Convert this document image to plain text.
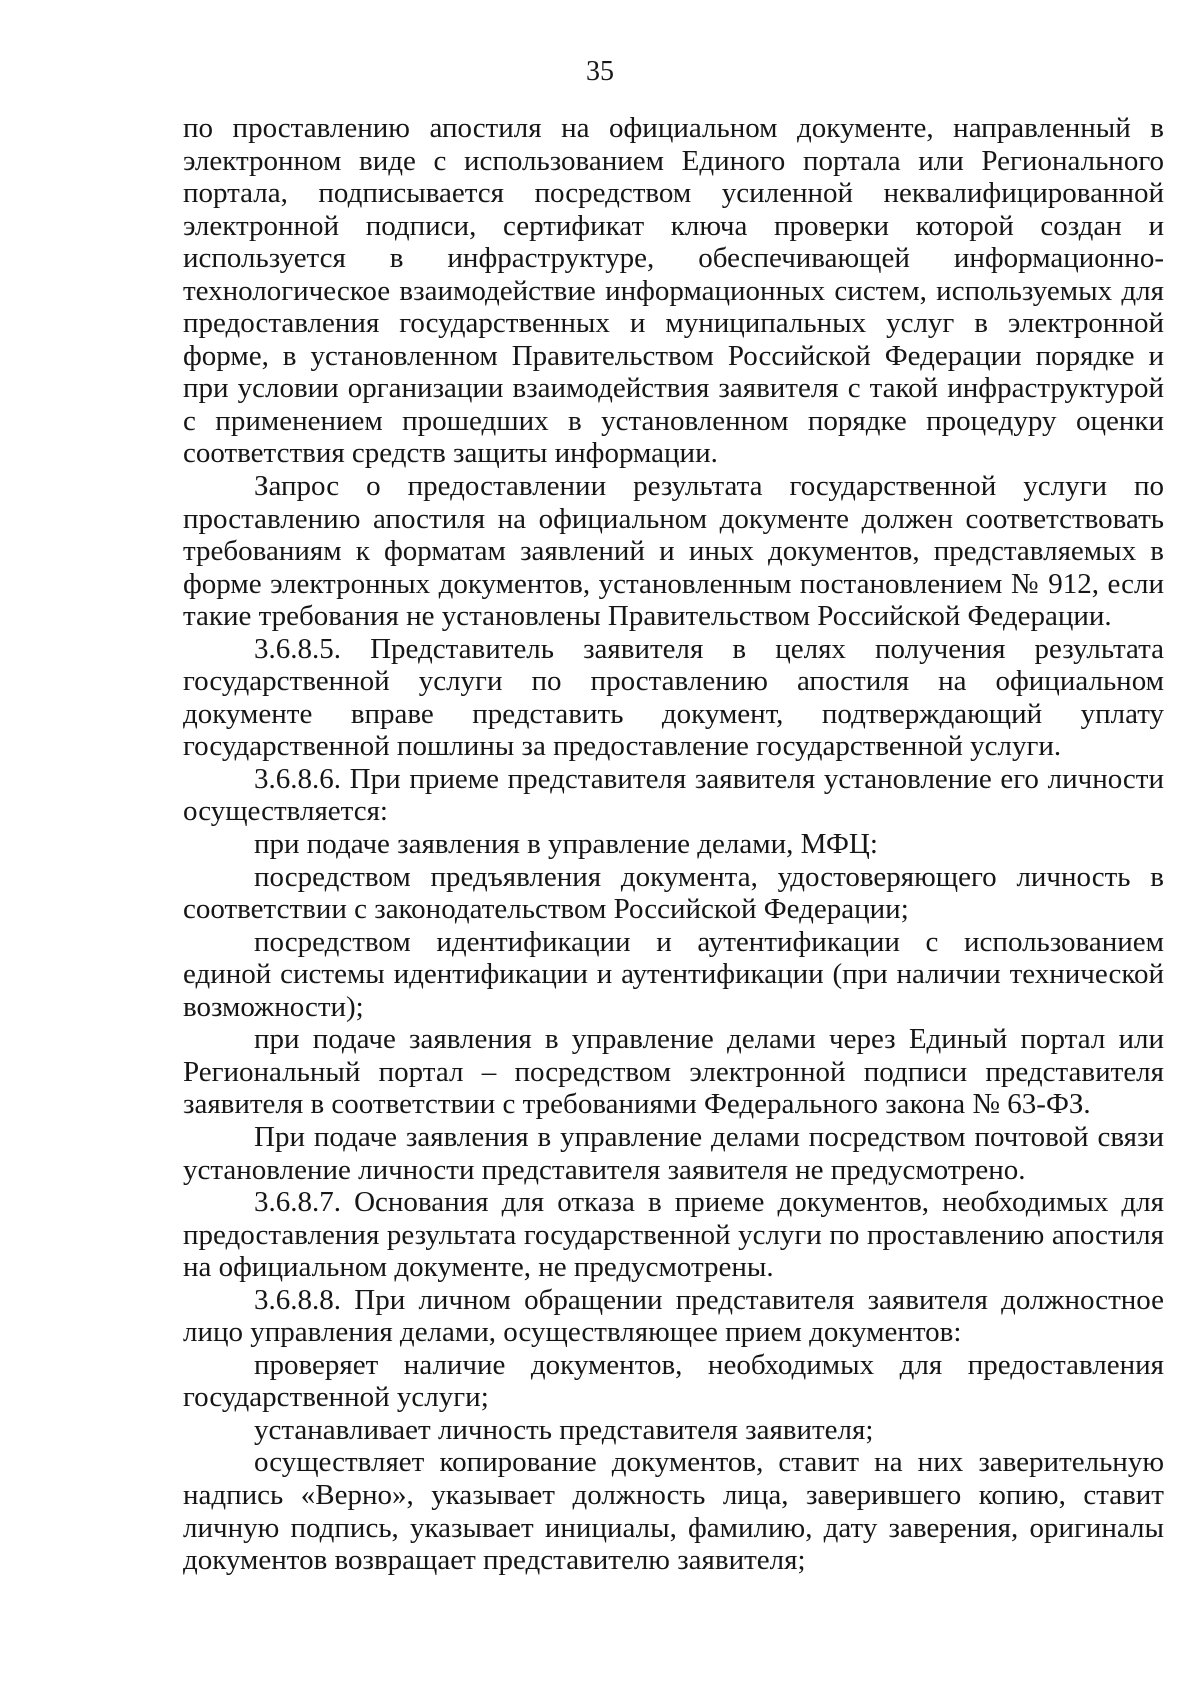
35

по проставлению апостиля на официальном документе, направленный в электронном виде с использованием Единого портала или Регионального портала, подписывается посредством усиленной неквалифицированной электронной подписи, сертификат ключа проверки которой создан и используется в инфраструктуре, обеспечивающей информационно-технологическое взаимодействие информационных систем, используемых для предоставления государственных и муниципальных услуг в электронной форме, в установленном Правительством Российской Федерации порядке и при условии организации взаимодействия заявителя с такой инфраструктурой с применением прошедших в установленном порядке процедуру оценки соответствия средств защиты информации.

Запрос о предоставлении результата государственной услуги по проставлению апостиля на официальном документе должен соответствовать требованиям к форматам заявлений и иных документов, представляемых в форме электронных документов, установленным постановлением № 912, если такие требования не установлены Правительством Российской Федерации.

3.6.8.5. Представитель заявителя в целях получения результата государственной услуги по проставлению апостиля на официальном документе вправе представить документ, подтверждающий уплату государственной пошлины за предоставление государственной услуги.

3.6.8.6. При приеме представителя заявителя установление его личности осуществляется:

при подаче заявления в управление делами, МФЦ:

посредством предъявления документа, удостоверяющего личность в соответствии с законодательством Российской Федерации;

посредством идентификации и аутентификации с использованием единой системы идентификации и аутентификации (при наличии технической возможности);

при подаче заявления в управление делами через Единый портал или Региональный портал – посредством электронной подписи представителя заявителя в соответствии с требованиями Федерального закона № 63-ФЗ.

При подаче заявления в управление делами посредством почтовой связи установление личности представителя заявителя не предусмотрено.

3.6.8.7. Основания для отказа в приеме документов, необходимых для предоставления результата государственной услуги по проставлению апостиля на официальном документе, не предусмотрены.

3.6.8.8. При личном обращении представителя заявителя должностное лицо управления делами, осуществляющее прием документов:

проверяет наличие документов, необходимых для предоставления государственной услуги;

устанавливает личность представителя заявителя;

осуществляет копирование документов, ставит на них заверительную надпись «Верно», указывает должность лица, заверившего копию, ставит личную подпись, указывает инициалы, фамилию, дату заверения, оригиналы документов возвращает представителю заявителя;
